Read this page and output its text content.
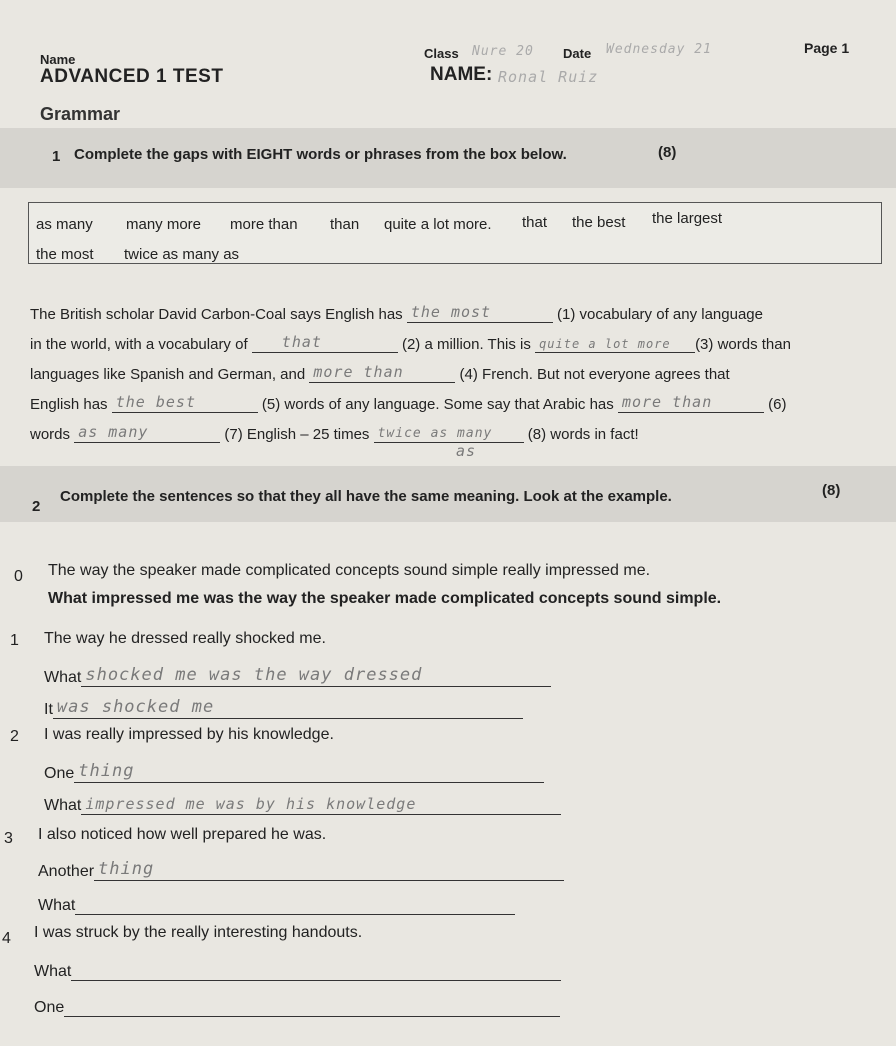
Name	Class Nure 20 Date Wednesday 21	Page 1
ADVANCED 1 TEST	NAME: Ronal Ruiz
Grammar
1 Complete the gaps with EIGHT words or phrases from the box below.	(8)
as many many more more than than quite a lot more. that the best the largest
the most twice as many as
The British scholar David Carbon-Coal says English has the most	(1) vocabulary of any language
in the world, with a vocabulary of that	(2) a million. This is quite a lot more (3) words than
languages like Spanish and German, and more than	(4) French. But not everyone agrees that
English has the best	(5) words of any language. Some say that Arabic has more than	(6)
words as many	(7) English – 25 times twice as many (8) words in fact!
as
2
Complete the sentences so that they all have the same meaning. Look at the example.	(8)
0 The way the speaker made complicated concepts sound simple really impressed me.
What impressed me was the way the speaker made complicated concepts sound simple.
1 The way he dressed really shocked me.
What shocked me was the way dressed
It was shocked me
2 I was really impressed by his knowledge.
One thing
What impressed me was by his knowledge
3 I also noticed how well prepared he was.
Another thing
What
4 I was struck by the really interesting handouts.
What
One
